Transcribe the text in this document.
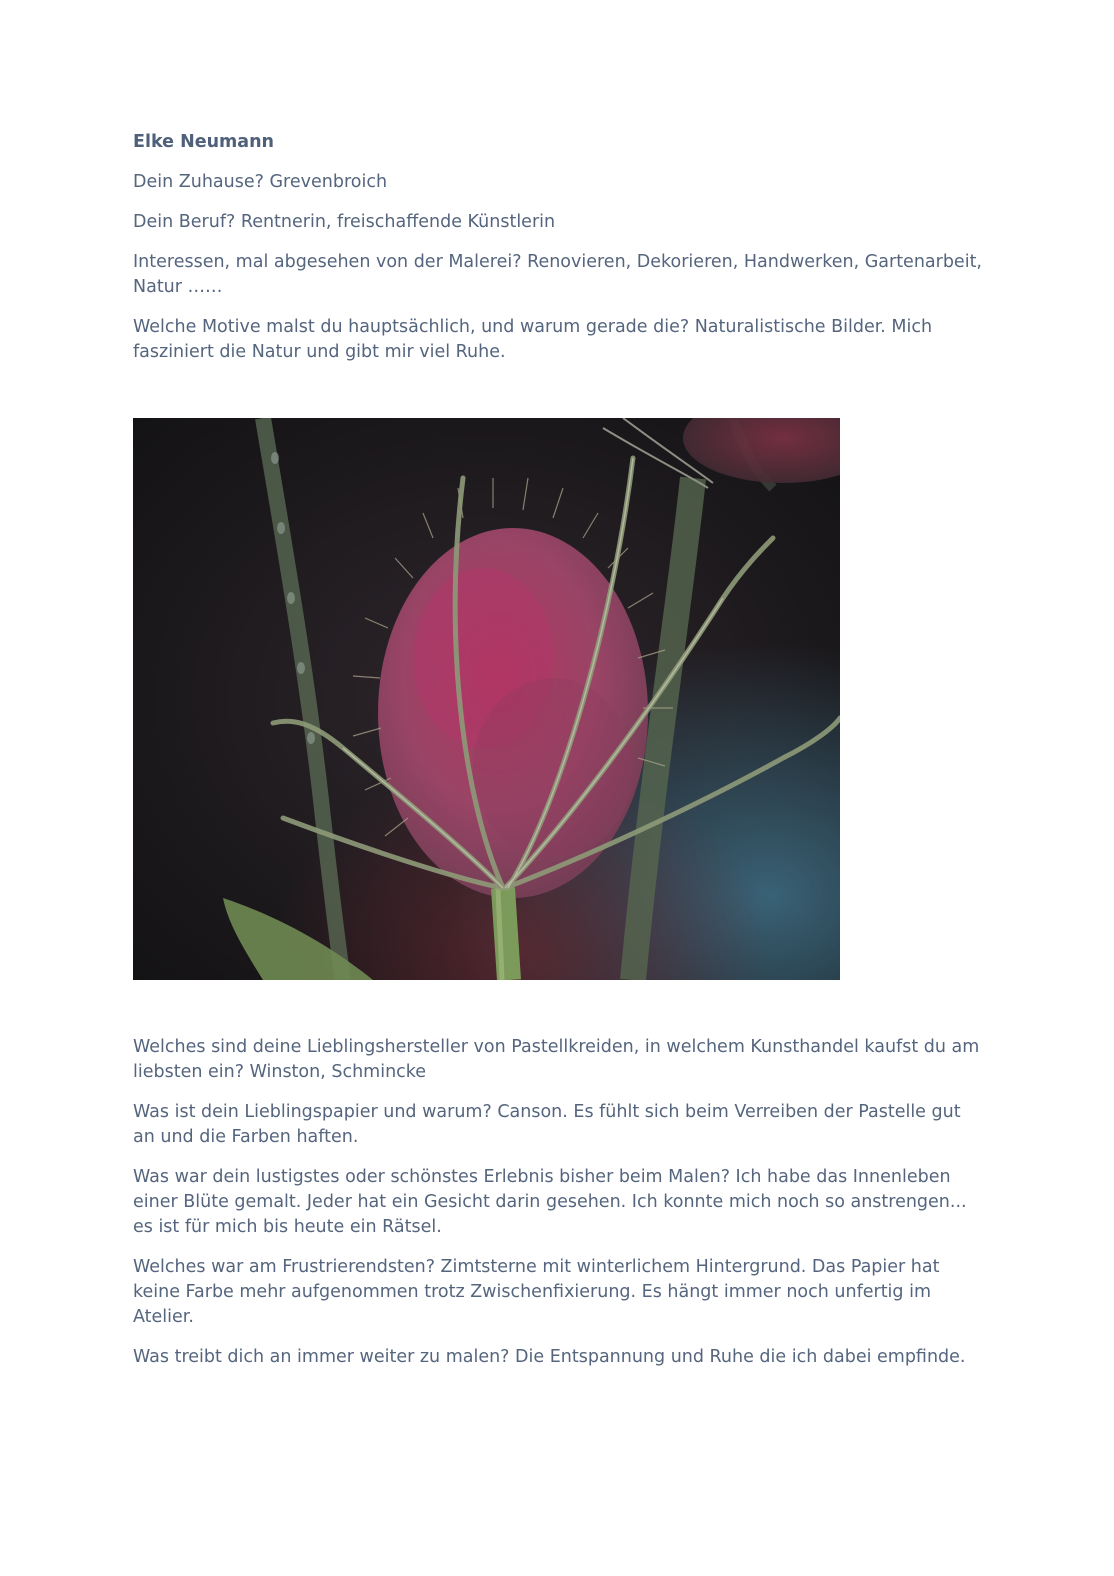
Elke Neumann

Dein Zuhause? Grevenbroich

Dein Beruf? Rentnerin, freischaffende Künstlerin

Interessen, mal abgesehen von der Malerei? Renovieren, Dekorieren, Handwerken, Gartenarbeit, Natur ……

Welche Motive malst du hauptsächlich, und warum gerade die? Naturalistische Bilder. Mich fasziniert die Natur und gibt mir viel Ruhe.

Welches sind deine Lieblingshersteller von Pastellkreiden, in welchem Kunsthandel kaufst du am liebsten ein? Winston, Schmincke

Was ist dein Lieblingspapier und warum? Canson. Es fühlt sich beim Verreiben der Pastelle gut an und die Farben haften.

Was war dein lustigstes oder schönstes Erlebnis bisher beim Malen? Ich habe das Innenleben einer Blüte gemalt. Jeder hat ein Gesicht darin gesehen. Ich konnte mich noch so anstrengen... es ist für mich bis heute ein Rätsel.

Welches war am Frustrierendsten? Zimtsterne mit winterlichem Hintergrund. Das Papier hat keine Farbe mehr aufgenommen trotz Zwischenfixierung. Es hängt immer noch unfertig im Atelier.

Was treibt dich an immer weiter zu malen? Die Entspannung und Ruhe die ich dabei empfinde.
